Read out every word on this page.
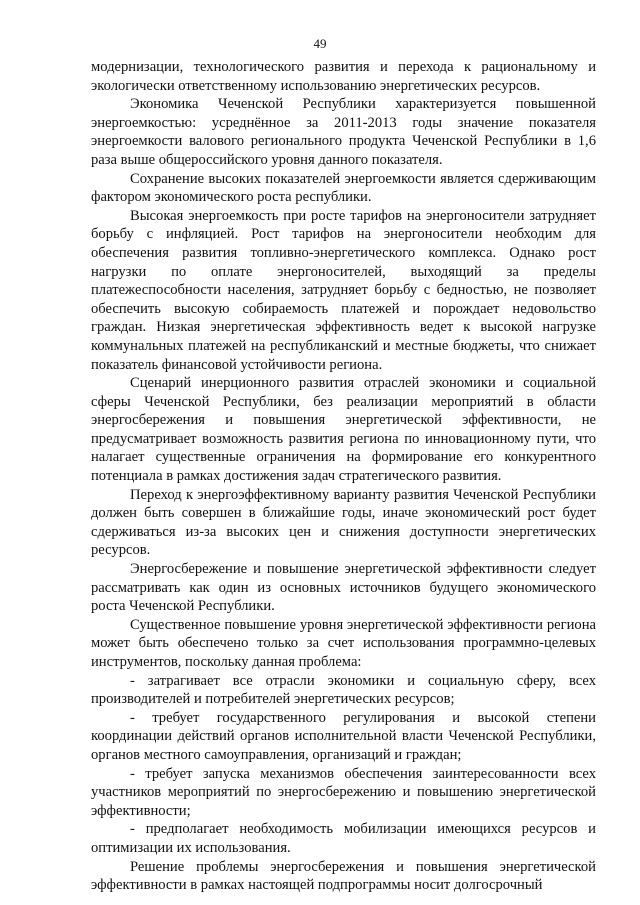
49

модернизации, технологического развития и перехода к рациональному и экологически ответственному использованию энергетических ресурсов.

Экономика Чеченской Республики характеризуется повышенной энергоемкостью: усреднённое за 2011-2013 годы значение показателя энергоемкости валового регионального продукта Чеченской Республики в 1,6 раза выше общероссийского уровня данного показателя.

Сохранение высоких показателей энергоемкости является сдерживающим фактором экономического роста республики.

Высокая энергоемкость при росте тарифов на энергоносители затрудняет борьбу с инфляцией. Рост тарифов на энергоносители необходим для обеспечения развития топливно-энергетического комплекса. Однако рост нагрузки по оплате энергоносителей, выходящий за пределы платежеспособности населения, затрудняет борьбу с бедностью, не позволяет обеспечить высокую собираемость платежей и порождает недовольство граждан. Низкая энергетическая эффективность ведет к высокой нагрузке коммунальных платежей на республиканский и местные бюджеты, что снижает показатель финансовой устойчивости региона.

Сценарий инерционного развития отраслей экономики и социальной сферы Чеченской Республики, без реализации мероприятий в области энергосбережения и повышения энергетической эффективности, не предусматривает возможность развития региона по инновационному пути, что налагает существенные ограничения на формирование его конкурентного потенциала в рамках достижения задач стратегического развития.

Переход к энергоэффективному варианту развития Чеченской Республики должен быть совершен в ближайшие годы, иначе экономический рост будет сдерживаться из-за высоких цен и снижения доступности энергетических ресурсов.

Энергосбережение и повышение энергетической эффективности следует рассматривать как один из основных источников будущего экономического роста Чеченской Республики.

Существенное повышение уровня энергетической эффективности региона может быть обеспечено только за счет использования программно-целевых инструментов, поскольку данная проблема:

- затрагивает все отрасли экономики и социальную сферу, всех производителей и потребителей энергетических ресурсов;

- требует государственного регулирования и высокой степени координации действий органов исполнительной власти Чеченской Республики, органов местного самоуправления, организаций и граждан;

- требует запуска механизмов обеспечения заинтересованности всех участников мероприятий по энергосбережению и повышению энергетической эффективности;

- предполагает необходимость мобилизации имеющихся ресурсов и оптимизации их использования.

Решение проблемы энергосбережения и повышения энергетической эффективности в рамках настоящей подпрограммы носит долгосрочный
